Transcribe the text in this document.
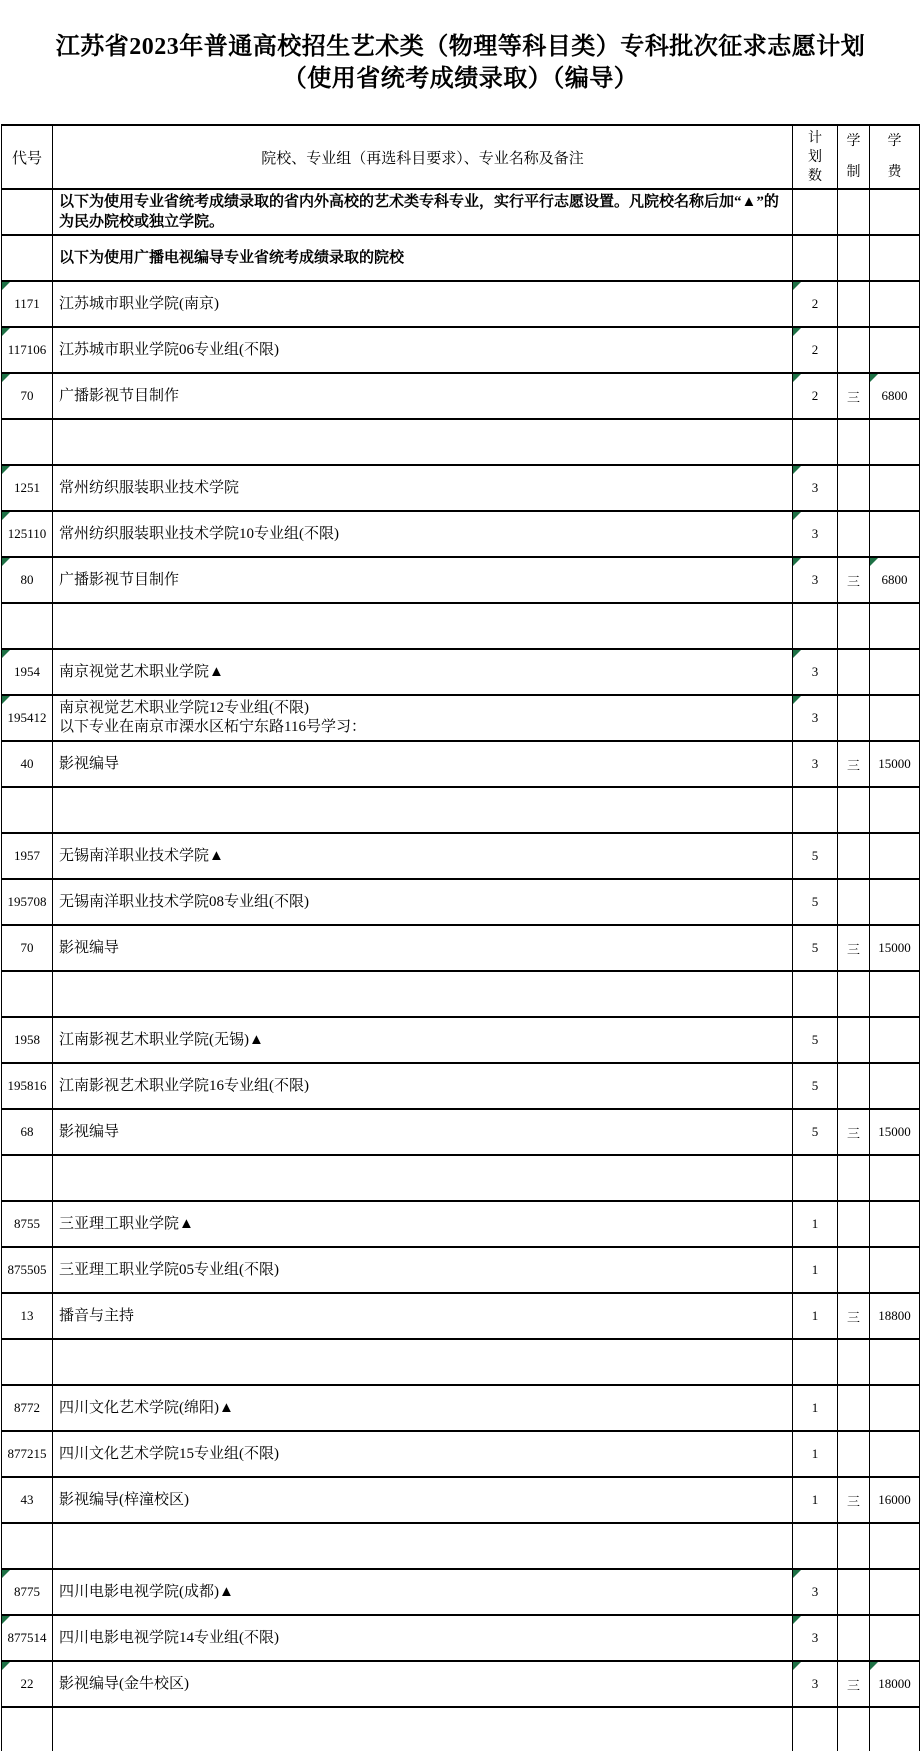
江苏省2023年普通高校招生艺术类（物理等科目类）专科批次征求志愿计划
（使用省统考成绩录取）（编导）
代号	院校、专业组（再选科目要求）、专业名称及备注	计划数	学制	学费

	以下为使用专业省统考成绩录取的省内外高校的艺术类专科专业，实行平行志愿设置。凡院校名称后加“▲”的为民办院校或独立学院。			
	以下为使用广播电视编导专业省统考成绩录取的院校			

1171	江苏城市职业学院(南京)	2		

117106	江苏城市职业学院06专业组(不限)	2		

70	广播影视节目制作	2	三	6800

1251	常州纺织服装职业技术学院	3		

125110	常州纺织服装职业技术学院10专业组(不限)	3		

80	广播影视节目制作	3	三	6800

1954	南京视觉艺术职业学院▲	3		

195412	南京视觉艺术职业学院12专业组(不限)
以下专业在南京市溧水区柘宁东路116号学习：	3		
40	影视编导	3	三	15000

1957	无锡南洋职业技术学院▲	5		
195708	无锡南洋职业技术学院08专业组(不限)	5		
70	影视编导	5	三	15000

1958	江南影视艺术职业学院(无锡)▲	5		
195816	江南影视艺术职业学院16专业组(不限)	5		
68	影视编导	5	三	15000

8755	三亚理工职业学院▲	1		
875505	三亚理工职业学院05专业组(不限)	1		
13	播音与主持	1	三	18800

8772	四川文化艺术学院(绵阳)▲	1		
877215	四川文化艺术学院15专业组(不限)	1		
43	影视编导(梓潼校区)	1	三	16000

8775	四川电影电视学院(成都)▲	3		

877514	四川电影电视学院14专业组(不限)	3		

22	影视编导(金牛校区)	3	三	18000
